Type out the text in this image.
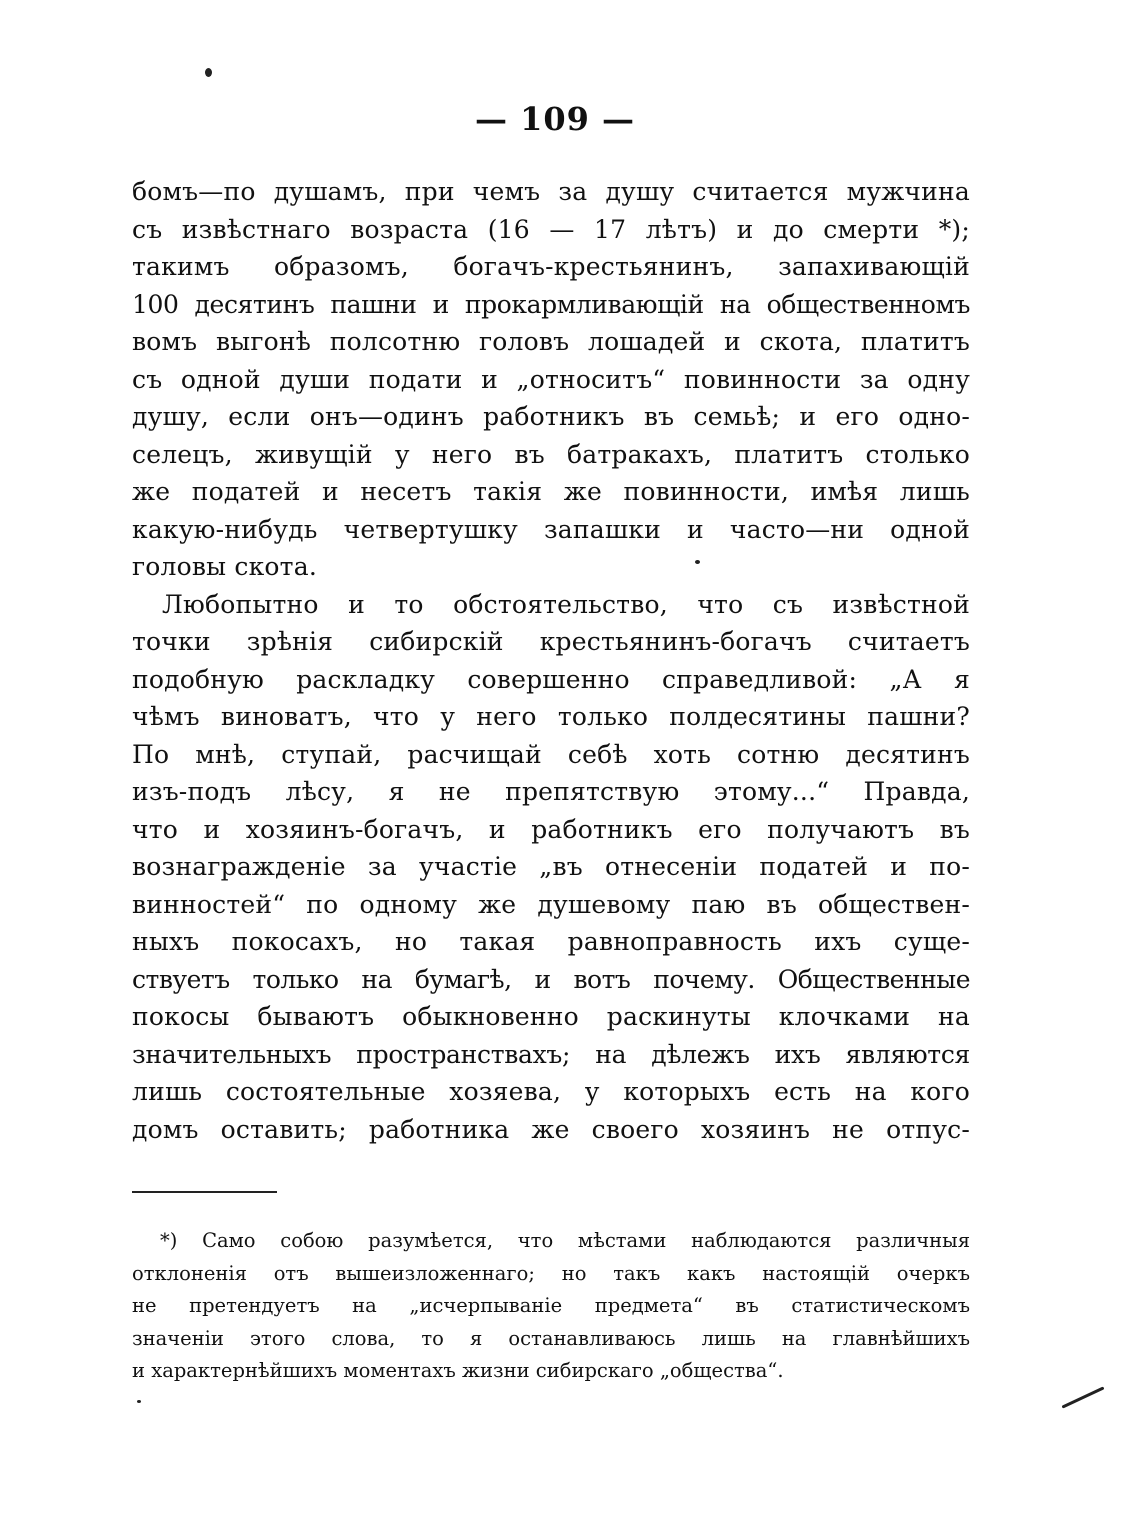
— 109 —
бомъ—по душамъ, при чемъ за душу считается мужчина
съ извѣстнаго возраста (16 — 17 лѣтъ) и до смерти *);
такимъ образомъ, богачъ-крестьянинъ, запахивающій
100 десятинъ пашни и прокармливающій на общественномъ
вомъ выгонѣ полсотню головъ лошадей и скота, платитъ
съ одной души подати и „относитъ“ повинности за одну
душу, если онъ—одинъ работникъ въ семьѣ; и его одно-
селецъ, живущій у него въ батракахъ, платитъ столько
же податей и несетъ такія же повинности, имѣя лишь
какую-нибудь четвертушку запашки и часто—ни одной
головы скота.
Любопытно и то обстоятельство, что съ извѣстной
точки зрѣнія сибирскій крестьянинъ-богачъ считаетъ
подобную раскладку совершенно справедливой: „А я
чѣмъ виноватъ, что у него только полдесятины пашни?
По мнѣ, ступай, расчищай себѣ хоть сотню десятинъ
изъ-подъ лѣсу, я не препятствую этому...“ Правда,
что и хозяинъ-богачъ, и работникъ его получаютъ въ
вознагражденіе за участіе „въ отнесеніи податей и по-
винностей“ по одному же душевому паю въ обществен-
ныхъ покосахъ, но такая равноправность ихъ суще-
ствуетъ только на бумагѣ, и вотъ почему. Общественные
покосы бываютъ обыкновенно раскинуты клочками на
значительныхъ пространствахъ; на дѣлежъ ихъ являются
лишь состоятельные хозяева, у которыхъ есть на кого
домъ оставить; работника же своего хозяинъ не отпус-
*) Само собою разумѣется, что мѣстами наблюдаются различныя
отклоненія отъ вышеизложеннаго; но такъ какъ настоящій очеркъ
не претендуетъ на „исчерпываніе предмета“ въ статистическомъ
значеніи этого слова, то я останавливаюсь лишь на главнѣйшихъ
и характернѣйшихъ моментахъ жизни сибирскаго „общества“.
